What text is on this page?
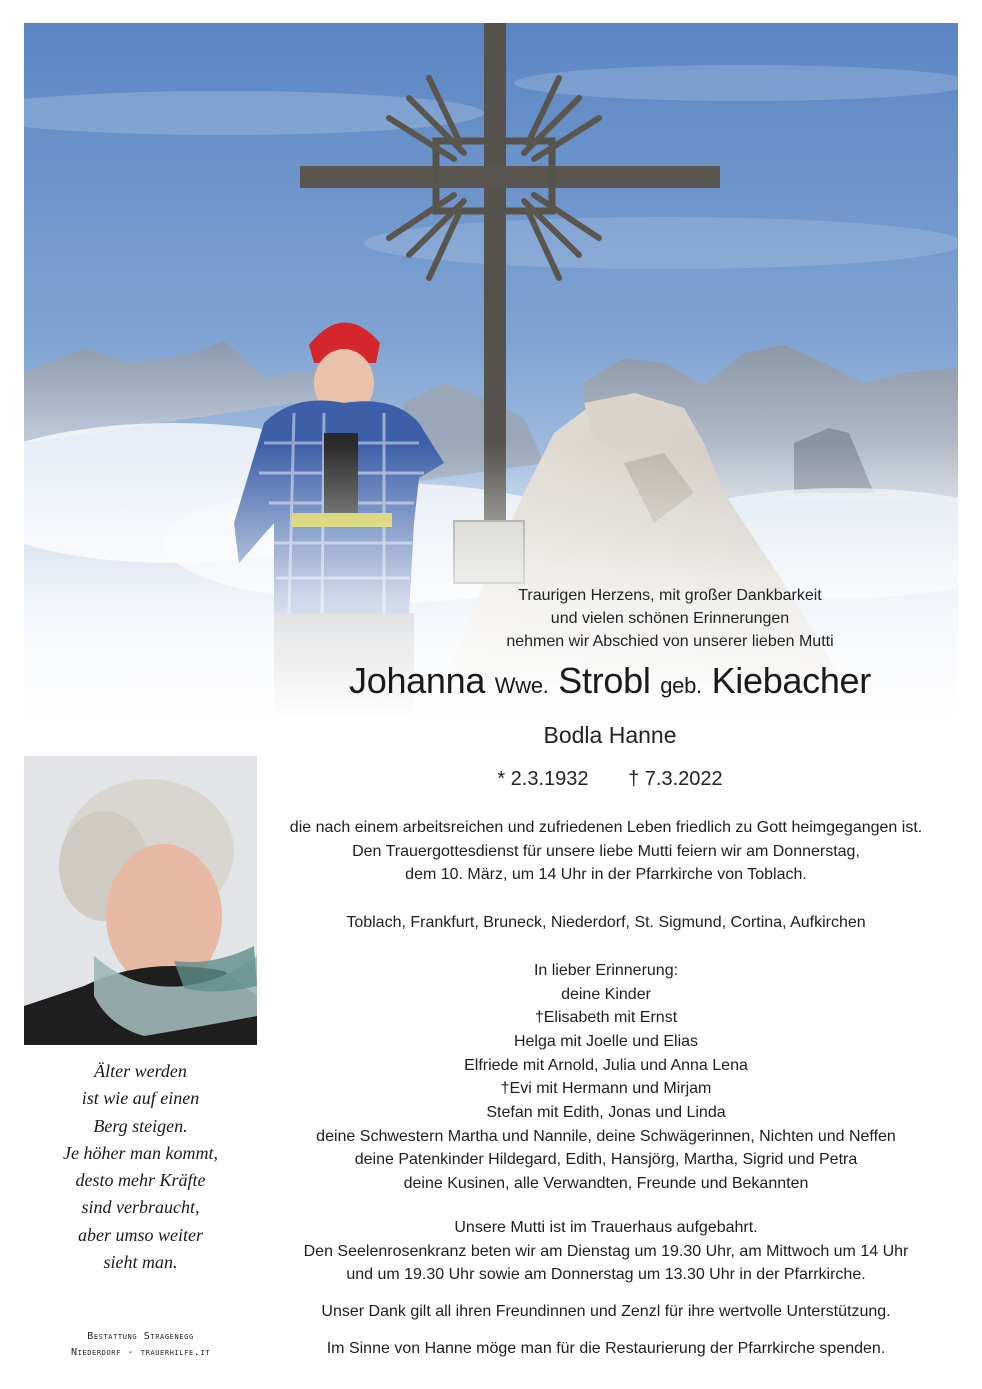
Traurigen Herzens, mit großer Dankbarkeit
und vielen schönen Erinnerungen
nehmen wir Abschied von unserer lieben Mutti
Johanna Wwe. Strobl geb. Kiebacher
Bodla Hanne
* 2.3.1932 † 7.3.2022

die nach einem arbeitsreichen und zufriedenen Leben friedlich zu Gott heimgegangen ist.

Den Trauergottesdienst für unsere liebe Mutti feiern wir am Donnerstag,

dem 10. März, um 14 Uhr in der Pfarrkirche von Toblach.

Toblach, Frankfurt, Bruneck, Niederdorf, St. Sigmund, Cortina, Aufkirchen

In lieber Erinnerung:

deine Kinder

†Elisabeth mit Ernst

Helga mit Joelle und Elias

Elfriede mit Arnold, Julia und Anna Lena

†Evi mit Hermann und Mirjam

Stefan mit Edith, Jonas und Linda

deine Schwestern Martha und Nannile, deine Schwägerinnen, Nichten und Neffen

deine Patenkinder Hildegard, Edith, Hansjörg, Martha, Sigrid und Petra

deine Kusinen, alle Verwandten, Freunde und Bekannten

Unsere Mutti ist im Trauerhaus aufgebahrt.

Den Seelenrosenkranz beten wir am Dienstag um 19.30 Uhr, am Mittwoch um 14 Uhr

und um 19.30 Uhr sowie am Donnerstag um 13.30 Uhr in der Pfarrkirche.

Unser Dank gilt all ihren Freundinnen und Zenzl für ihre wertvolle Unterstützung.

Im Sinne von Hanne möge man für die Restaurierung der Pfarrkirche spenden.

Älter werden
ist wie auf einen
Berg steigen.
Je höher man kommt,
desto mehr Kräfte
sind verbraucht,
aber umso weiter
sieht man.
Bestattung Stragenegg
Niederdorf - trauerhilfe.it
